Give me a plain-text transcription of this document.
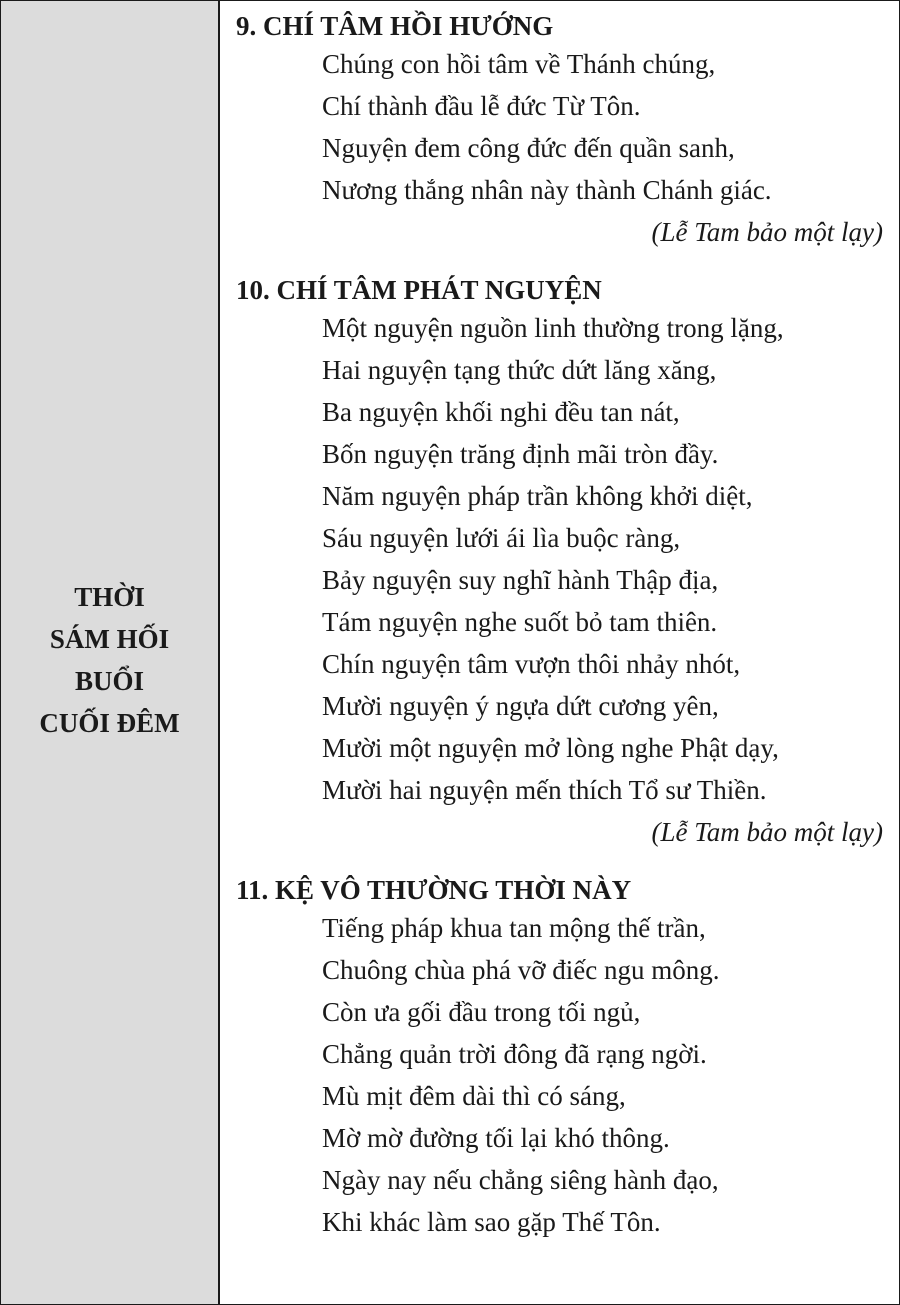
THỜI
SÁM HỐI
BUỔI
CUỐI ĐÊM

9. CHÍ TÂM HỒI HƯỚNG

Chúng con hồi tâm về Thánh chúng,

Chí thành đầu lễ đức Từ Tôn.

Nguyện đem công đức đến quần sanh,

Nương thắng nhân này thành Chánh giác.

(Lễ Tam bảo một lạy)

10. CHÍ TÂM PHÁT NGUYỆN

Một nguyện nguồn linh thường trong lặng,

Hai nguyện tạng thức dứt lăng xăng,

Ba nguyện khối nghi đều tan nát,

Bốn nguyện trăng định mãi tròn đầy.

Năm nguyện pháp trần không khởi diệt,

Sáu nguyện lưới ái lìa buộc ràng,

Bảy nguyện suy nghĩ hành Thập địa,

Tám nguyện nghe suốt bỏ tam thiên.

Chín nguyện tâm vượn thôi nhảy nhót,

Mười nguyện ý ngựa dứt cương yên,

Mười một nguyện mở lòng nghe Phật dạy,

Mười hai nguyện mến thích Tổ sư Thiền.

(Lễ Tam bảo một lạy)

11. KỆ VÔ THƯỜNG THỜI NÀY

Tiếng pháp khua tan mộng thế trần,

Chuông chùa phá vỡ điếc ngu mông.

Còn ưa gối đầu trong tối ngủ,

Chẳng quản trời đông đã rạng ngời.

Mù mịt đêm dài thì có sáng,

Mờ mờ đường tối lại khó thông.

Ngày nay nếu chẳng siêng hành đạo,

Khi khác làm sao gặp Thế Tôn.
